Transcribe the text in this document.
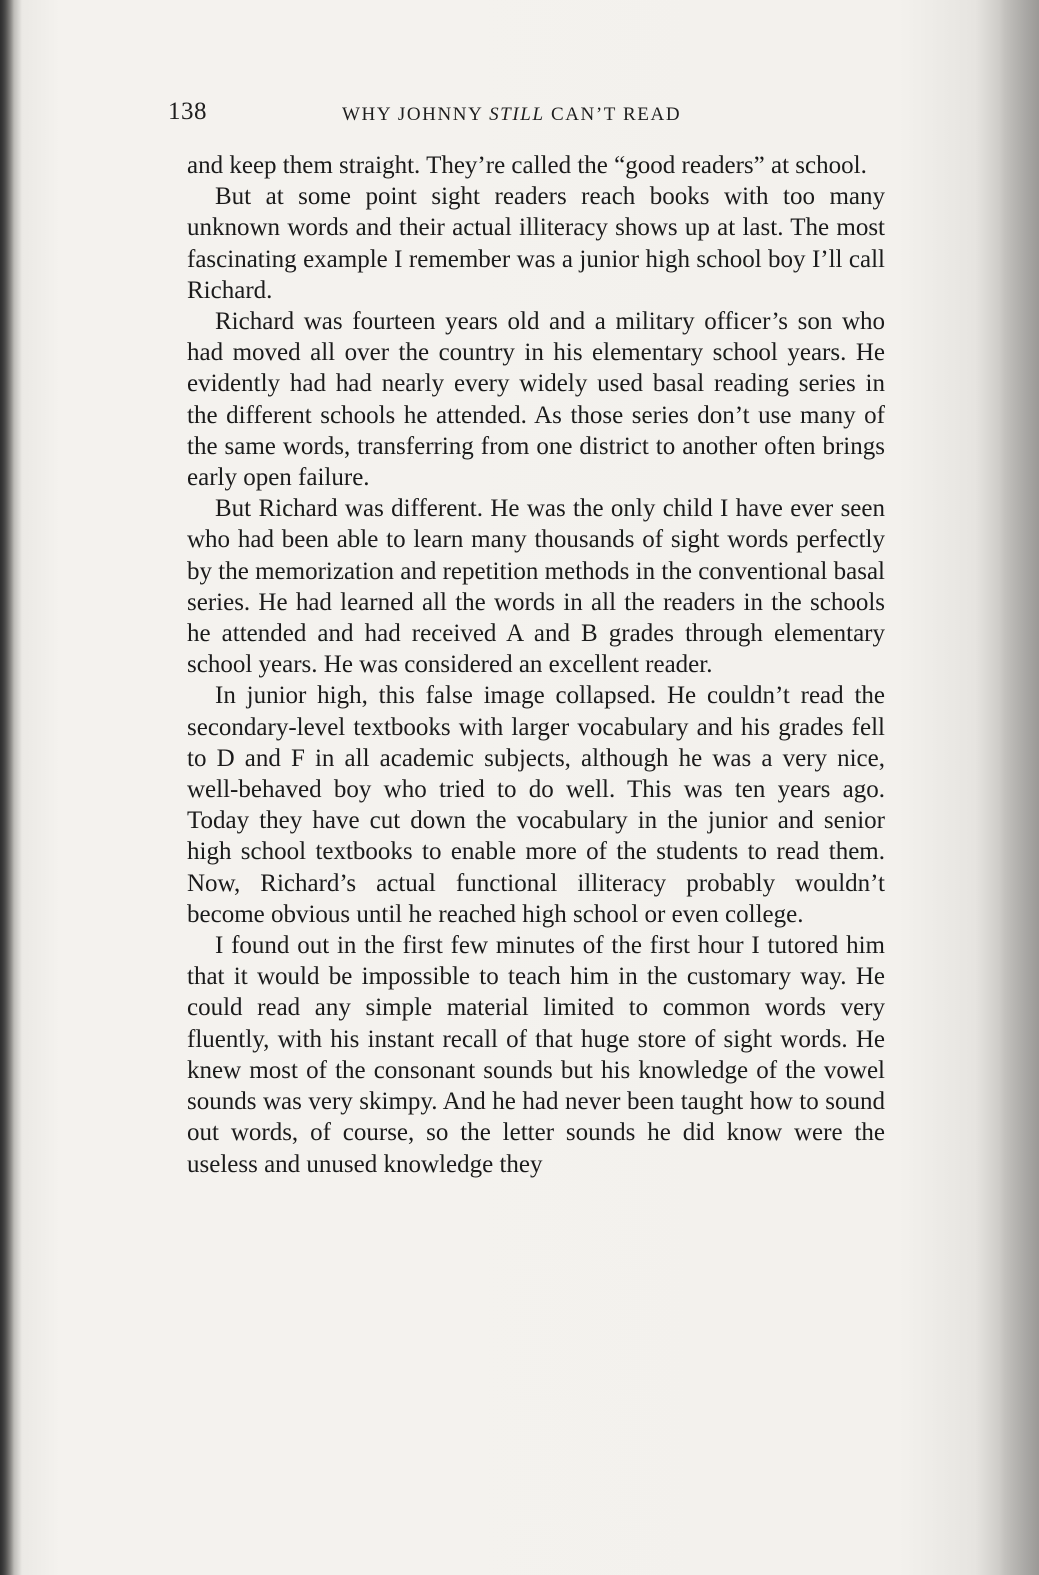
138	WHY JOHNNY STILL CAN’T READ

and keep them straight. They’re called the “good readers” at school.

But at some point sight readers reach books with too many unknown words and their actual illiteracy shows up at last. The most fascinating example I remember was a junior high school boy I’ll call Richard.

Richard was fourteen years old and a military officer’s son who had moved all over the country in his elementary school years. He evidently had had nearly every widely used basal reading series in the different schools he attended. As those series don’t use many of the same words, transferring from one district to another often brings early open failure.

But Richard was different. He was the only child I have ever seen who had been able to learn many thousands of sight words perfectly by the memorization and repetition methods in the conventional basal series. He had learned all the words in all the readers in the schools he attended and had received A and B grades through elementary school years. He was considered an excellent reader.

In junior high, this false image collapsed. He couldn’t read the secondary-level textbooks with larger vocabulary and his grades fell to D and F in all academic subjects, although he was a very nice, well-behaved boy who tried to do well. This was ten years ago. Today they have cut down the vocabulary in the junior and senior high school textbooks to enable more of the students to read them. Now, Richard’s actual functional illiteracy probably wouldn’t become obvious until he reached high school or even college.

I found out in the first few minutes of the first hour I tutored him that it would be impossible to teach him in the customary way. He could read any simple material limited to common words very fluently, with his instant recall of that huge store of sight words. He knew most of the consonant sounds but his knowledge of the vowel sounds was very skimpy. And he had never been taught how to sound out words, of course, so the letter sounds he did know were the useless and unused knowledge they
